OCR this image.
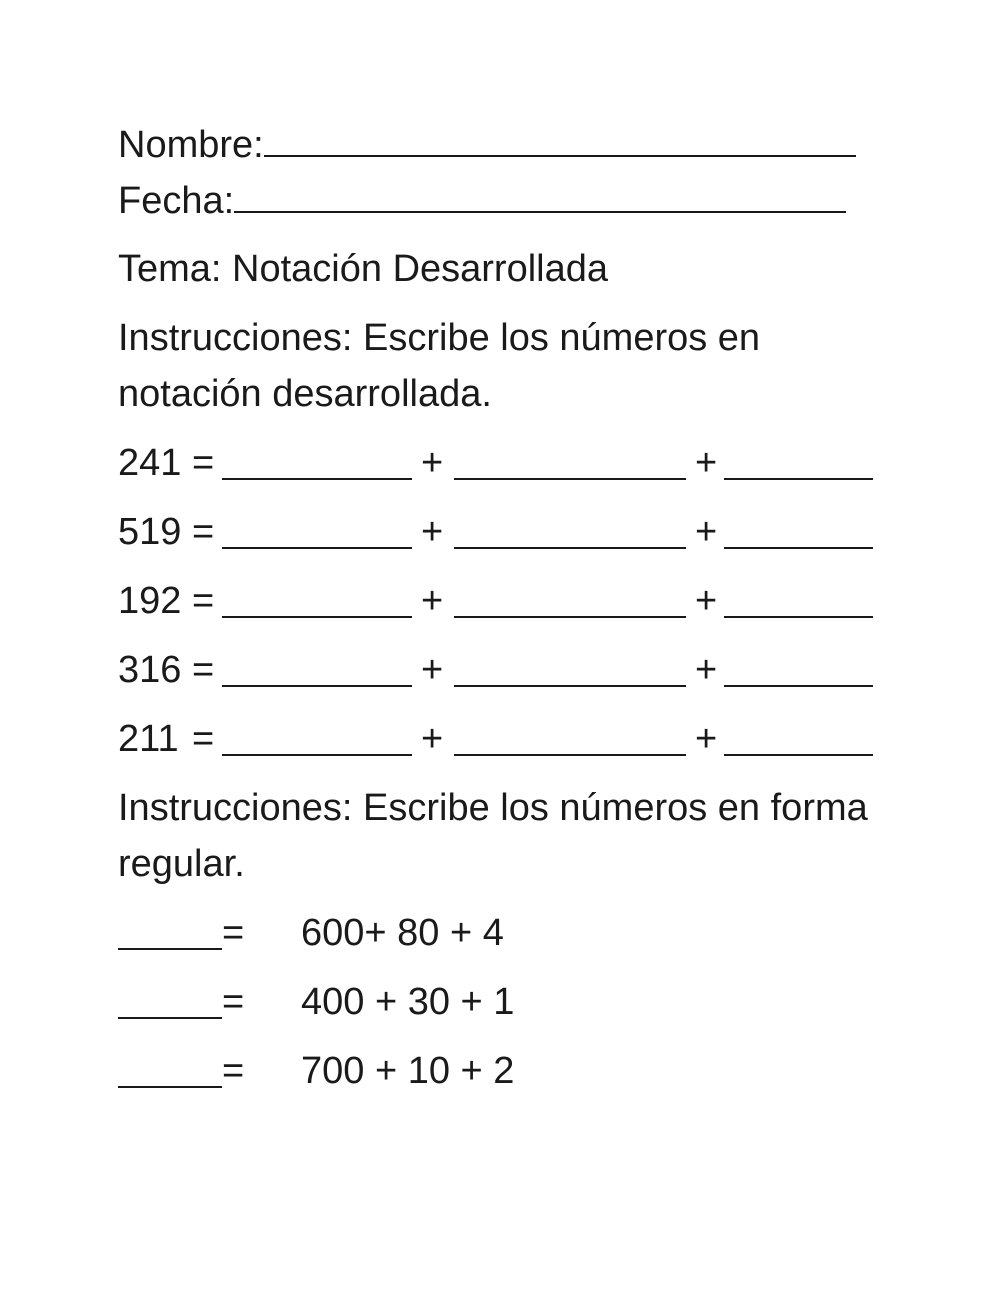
Nombre:
Fecha:
Tema: Notación Desarrollada
Instrucciones: Escribe los números en
notación desarrollada.
241 =	+	+
519 =	+	+
192 =	+	+
316 =	+	+
211 =	+	+
Instrucciones: Escribe los números en forma
regular.
= 600+ 80 + 4
= 400 + 30 + 1
= 700 + 10 + 2
